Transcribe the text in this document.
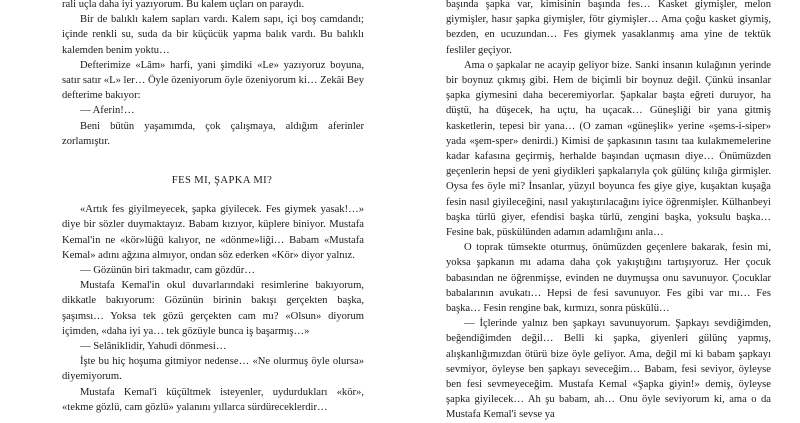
rali uçla daha iyi yazıyorum. Bu kalem uçları on paraydı.

Bir de balıklı kalem sapları vardı. Kalem sapı, içi boş camdandı; içinde renkli su, suda da bir küçücük yapma balık vardı. Bu balıklı kalemden benim yoktu…

Defterimize «Lâm» harfi, yani şimdiki «Le» yazıyoruz boyuna, satır satır «L» ler… Öyle özeniyorum öyle özeniyorum ki… Zekâi Bey defterime bakıyor:

— Aferin!…

Beni bütün yaşamımda, çok çalışmaya, aldığım aferinler zorlamıştır.

FES MI, ŞAPKA MI?

«Artık fes giyilmeyecek, şapka giyilecek. Fes giymek yasak!…» diye bir sözler duymaktayız. Babam kızıyor, küplere biniyor. Mustafa Kemal'in ne «kör»lüğü kalıyor, ne «dönme»liği… Babam «Mustafa Kemal» adını ağzına almıyor, ondan söz ederken «Kör» diyor yalnız.

— Gözünün biri takmadır, cam gözdür…

Mustafa Kemal'in okul duvarlarındaki resimlerine bakıyorum, dikkatle bakıyorum: Gözünün birinin bakışı gerçekten başka, şaşımsı… Yoksa tek gözü gerçekten cam mı? «Olsun» diyorum içimden, «daha iyi ya… tek gözüyle bunca iş başarmış…»

— Selâniklidir, Yahudi dönmesi…

İşte bu hiç hoşuma gitmiyor nedense… «Ne olurmuş öyle olursa» diyemiyorum.

Mustafa Kemal'i küçültmek isteyenler, uydurdukları «kör», «tekme gözlü, cam gözlü» yalanını yıllarca sürdüreceklerdir…

başında şapka var, kimisinin başında fes… Kasket giymişler, melon giymişler, hasır şapka giymişler, fötr giymişler… Ama çoğu kasket giymiş, bezden, en ucuzundan… Fes giymek yasaklanmış ama yine de tektük fesliler geçiyor.

Ama o şapkalar ne acayip geliyor bize. Sanki insanın kulağının yerinde bir boynuz çıkmış gibi. Hem de biçimli bir boynuz değil. Çünkü insanlar şapka giymesini daha beceremiyorlar. Şapkalar başta eğreti duruyor, ha düştü, ha düşecek, ha uçtu, ha uçacak… Güneşliği bir yana gitmiş kasketlerin, tepesi bir yana… (O zaman «güneşlik» yerine «şems-i-siper» yada «şem-sper» denirdi.) Kimisi de şapkasının tasını taa kulakmemelerine kadar kafasına geçirmiş, herhalde başından uçmasın diye… Önümüzden geçenlerin hepsi de yeni giydikleri şapkalarıyla çok gülünç kılığa girmişler. Oysa fes öyle mi? İnsanlar, yüzyıl boyunca fes giye giye, kuşaktan kuşağa fesin nasıl giyileceğini, nasıl yakıştırılacağını iyice öğrenmişler. Külhanbeyi başka türlü giyer, efendisi başka türlü, zengini başka, yoksulu başka… Fesine bak, püskülünden adamın adamlığını anla…

O toprak tümsekte oturmuş, önümüzden geçenlere bakarak, fesin mi, yoksa şapkanın mı adama daha çok yakıştığını tartışıyoruz. Her çocuk babasından ne öğrenmişse, evinden ne duymuşsa onu savunuyor. Çocuklar babalarının avukatı… Hepsi de fesi savunuyor. Fes gibi var mı… Fes başka… Fesin rengine bak, kırmızı, sonra püskülü…

— İçlerinde yalnız ben şapkayı savunuyorum. Şapkayı sevdiğimden, beğendiğimden değil… Belli ki şapka, giyenleri gülünç yapmış, alışkanlığımızdan ötürü bize öyle geliyor. Ama, değil mi ki babam şapkayı sevmiyor, öyleyse ben şapkayı seveceğim… Babam, fesi seviyor, öyleyse ben fesi sevmeyeceğim. Mustafa Kemal «Şapka giyin!» demiş, öyleyse şapka giyilecek… Ah şu babam, ah… Onu öyle seviyorum ki, ama o da Mustafa Kemal'i sevse ya
